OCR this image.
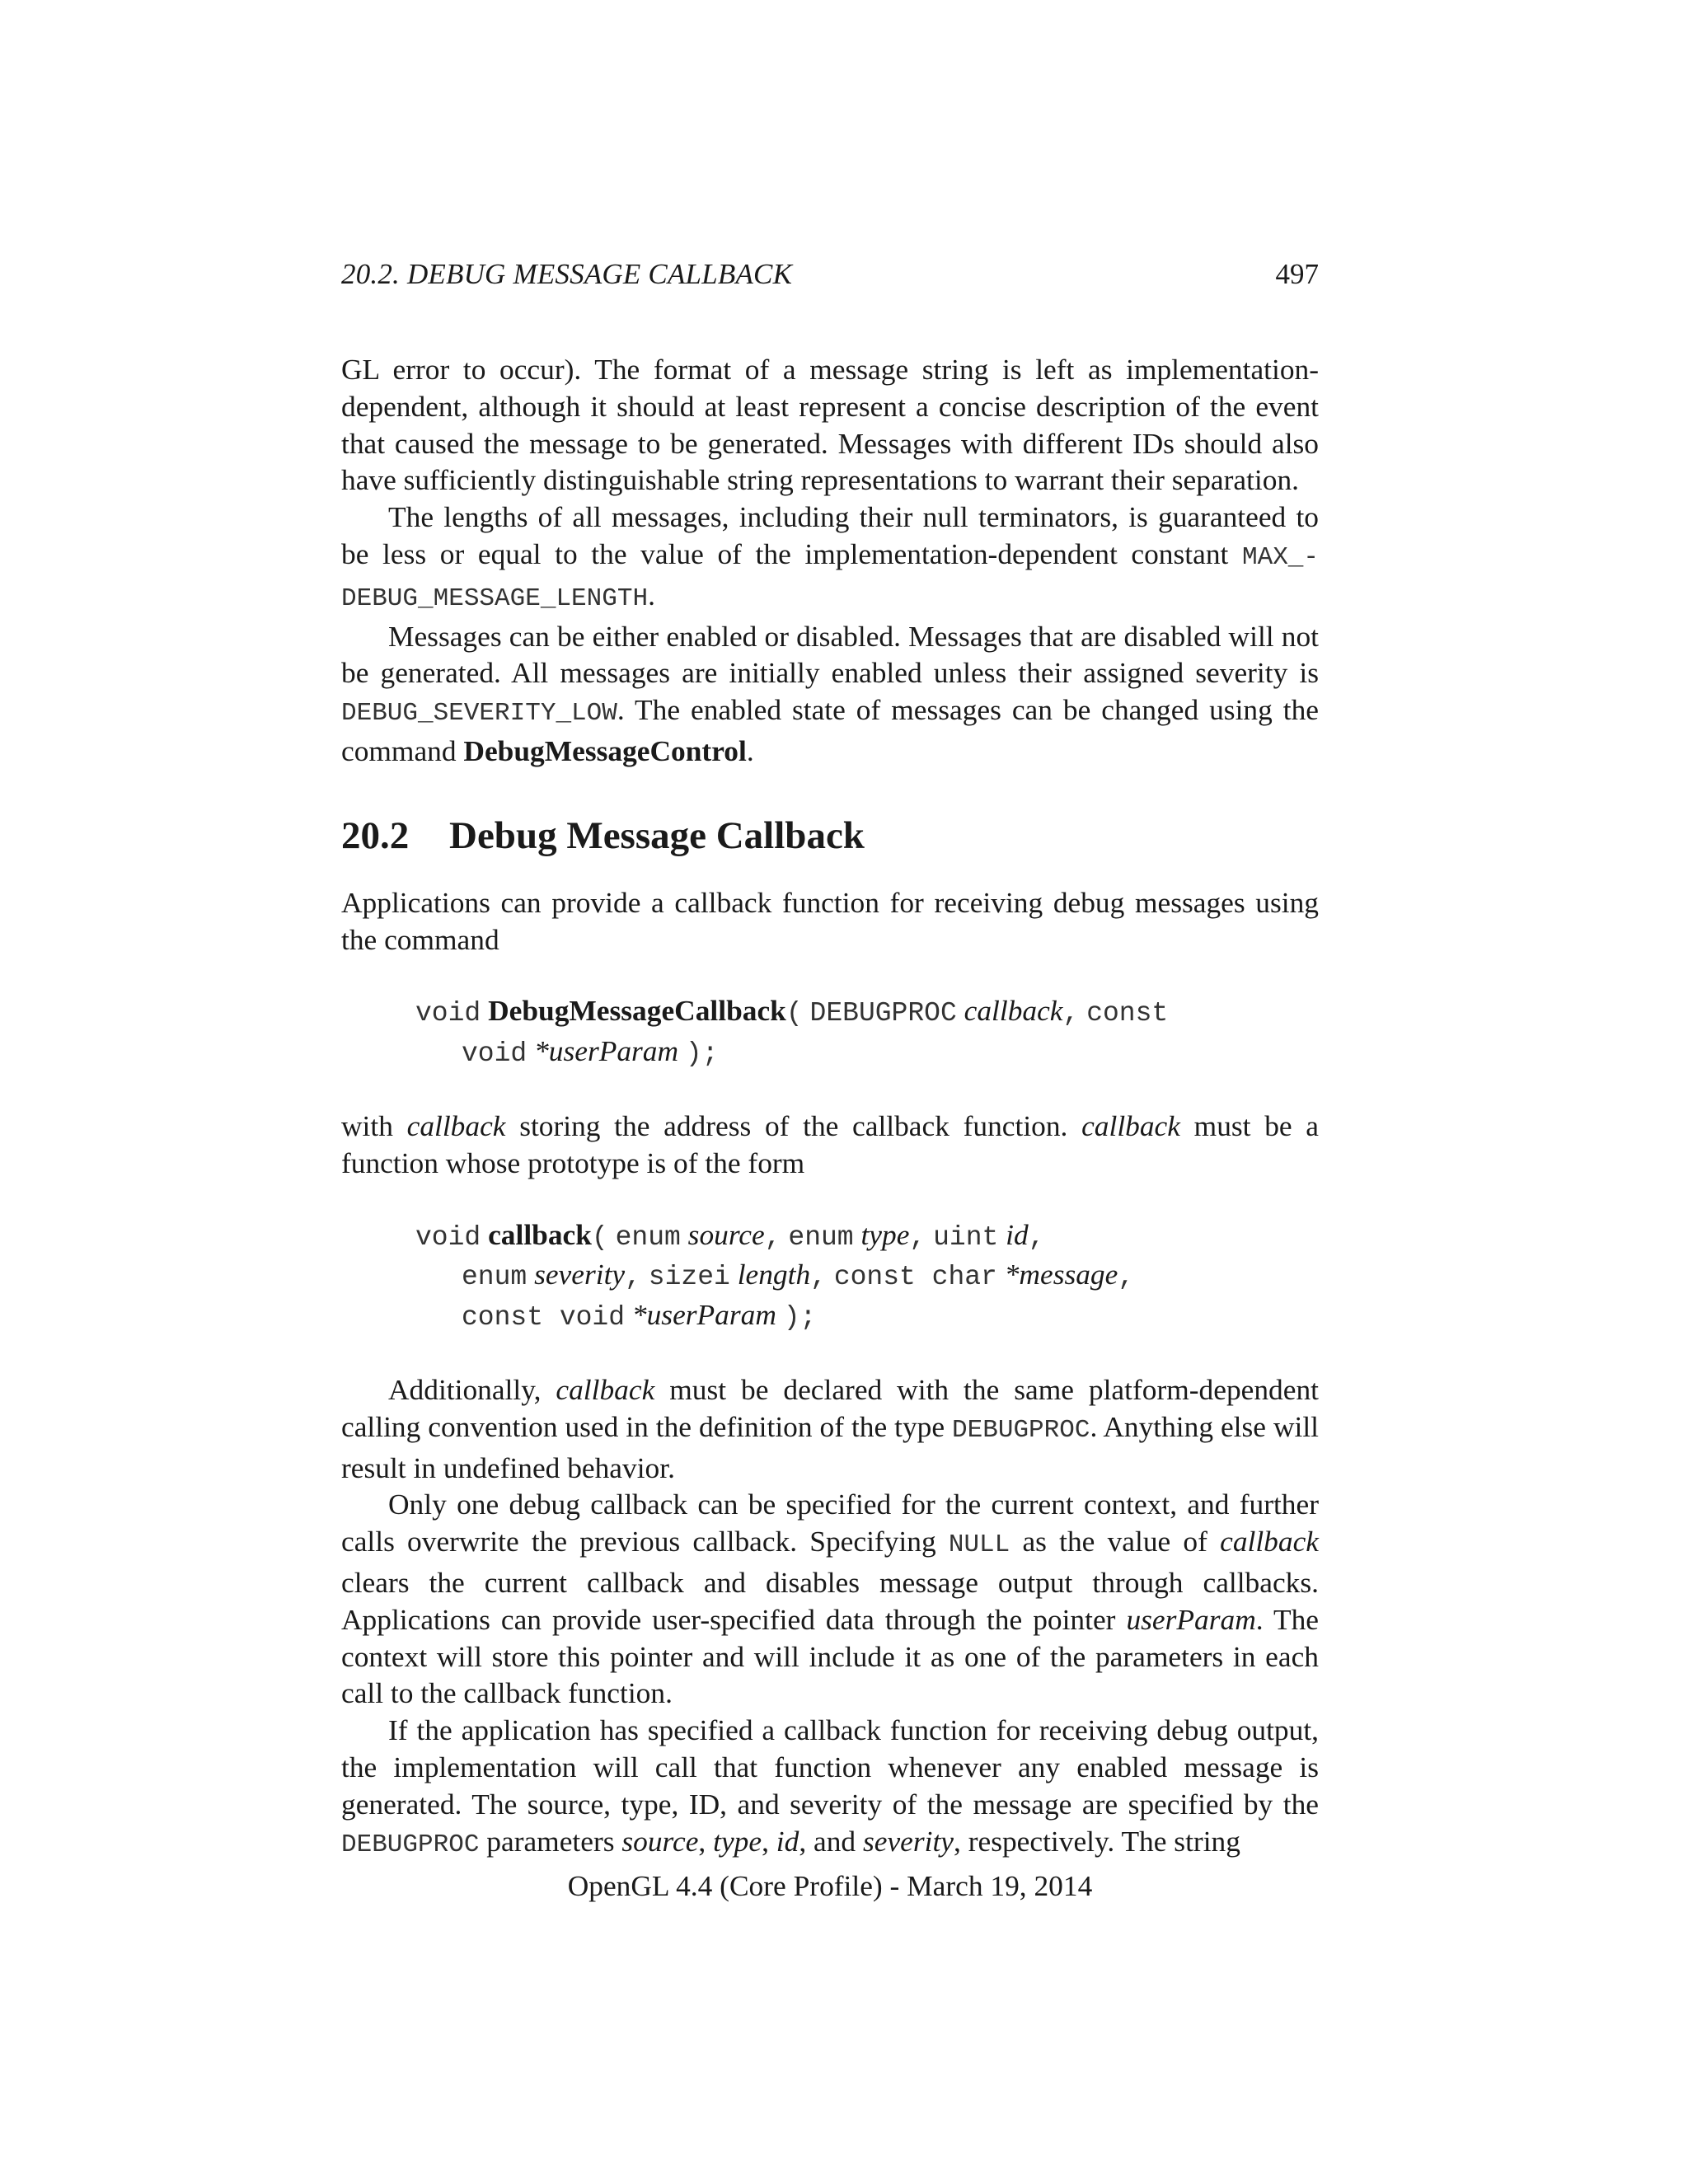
20.2. DEBUG MESSAGE CALLBACK	497

GL error to occur). The format of a message string is left as implementation-dependent, although it should at least represent a concise description of the event that caused the message to be generated. Messages with different IDs should also have sufficiently distinguishable string representations to warrant their separation.

The lengths of all messages, including their null terminators, is guaranteed to be less or equal to the value of the implementation-dependent constant MAX_-DEBUG_MESSAGE_LENGTH.

Messages can be either enabled or disabled. Messages that are disabled will not be generated. All messages are initially enabled unless their assigned severity is DEBUG_SEVERITY_LOW. The enabled state of messages can be changed using the command DebugMessageControl.

20.2 Debug Message Callback

Applications can provide a callback function for receiving debug messages using the command

void DebugMessageCallback( DEBUGPROC callback, const
void *userParam );

with callback storing the address of the callback function. callback must be a function whose prototype is of the form

void callback( enum source, enum type, uint id,
enum severity, sizei length, const char *message,
const void *userParam );

Additionally, callback must be declared with the same platform-dependent calling convention used in the definition of the type DEBUGPROC. Anything else will result in undefined behavior.

Only one debug callback can be specified for the current context, and further calls overwrite the previous callback. Specifying NULL as the value of callback clears the current callback and disables message output through callbacks. Applications can provide user-specified data through the pointer userParam. The context will store this pointer and will include it as one of the parameters in each call to the callback function.

If the application has specified a callback function for receiving debug output, the implementation will call that function whenever any enabled message is generated. The source, type, ID, and severity of the message are specified by the DEBUGPROC parameters source, type, id, and severity, respectively. The string

OpenGL 4.4 (Core Profile) - March 19, 2014
